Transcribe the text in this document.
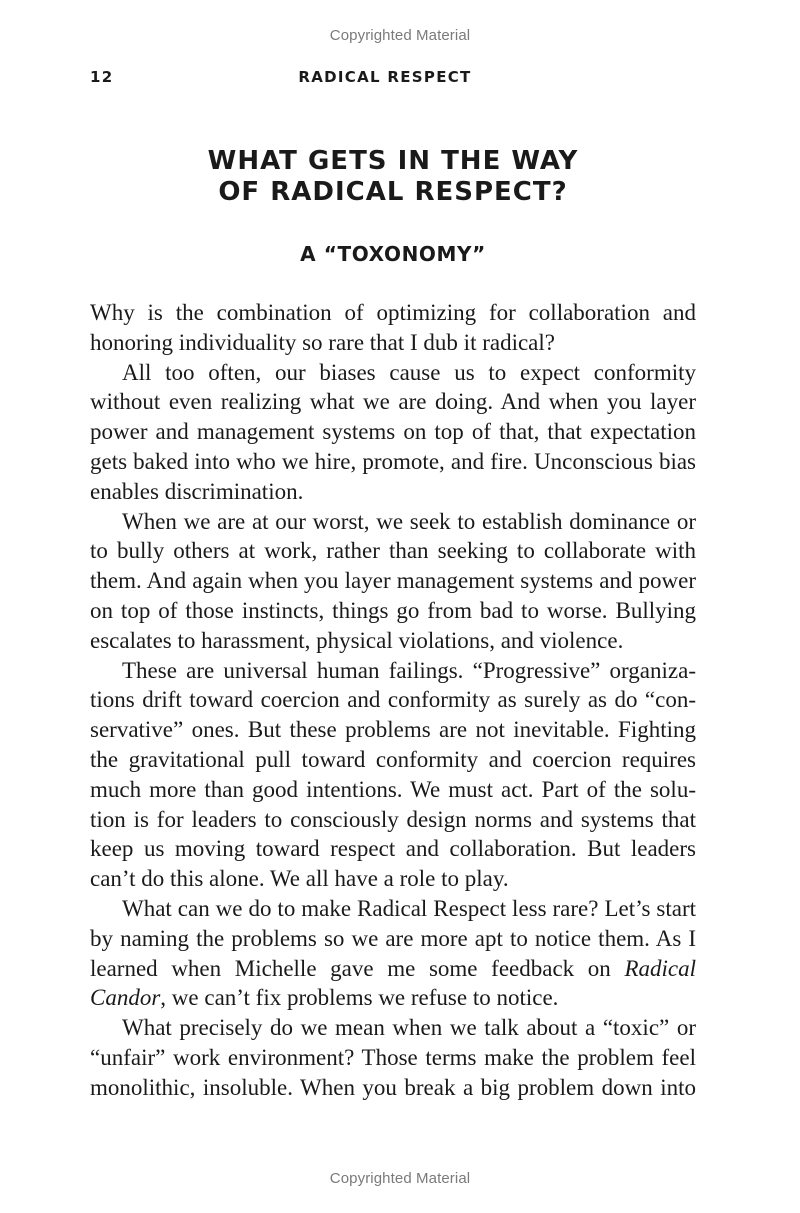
Copyrighted Material
12	RADICAL RESPECT
WHAT GETS IN THE WAY
OF RADICAL RESPECT?
A “TOXONOMY”

Why is the combination of optimizing for collaboration and honoring individuality so rare that I dub it radical?

All too often, our biases cause us to expect conformity without even realizing what we are doing. And when you layer power and management systems on top of that, that expectation gets baked into who we hire, promote, and fire. Unconscious bias enables discrimination.

When we are at our worst, we seek to establish dominance or to bully others at work, rather than seeking to collaborate with them. And again when you layer management systems and power on top of those instincts, things go from bad to worse. Bullying escalates to harassment, physical violations, and violence.

These are universal human failings. “Progressive” organizations drift toward coercion and conformity as surely as do “conservative” ones. But these problems are not inevitable. Fighting the gravitational pull toward conformity and coercion requires much more than good intentions. We must act. Part of the solution is for leaders to consciously design norms and systems that keep us moving toward respect and collaboration. But leaders can’t do this alone. We all have a role to play.

What can we do to make Radical Respect less rare? Let’s start by naming the problems so we are more apt to notice them. As I learned when Michelle gave me some feedback on Radical Candor, we can’t fix problems we refuse to notice.

What precisely do we mean when we talk about a “toxic” or “unfair” work environment? Those terms make the problem feel monolithic, insoluble. When you break a big problem down into

Copyrighted Material
